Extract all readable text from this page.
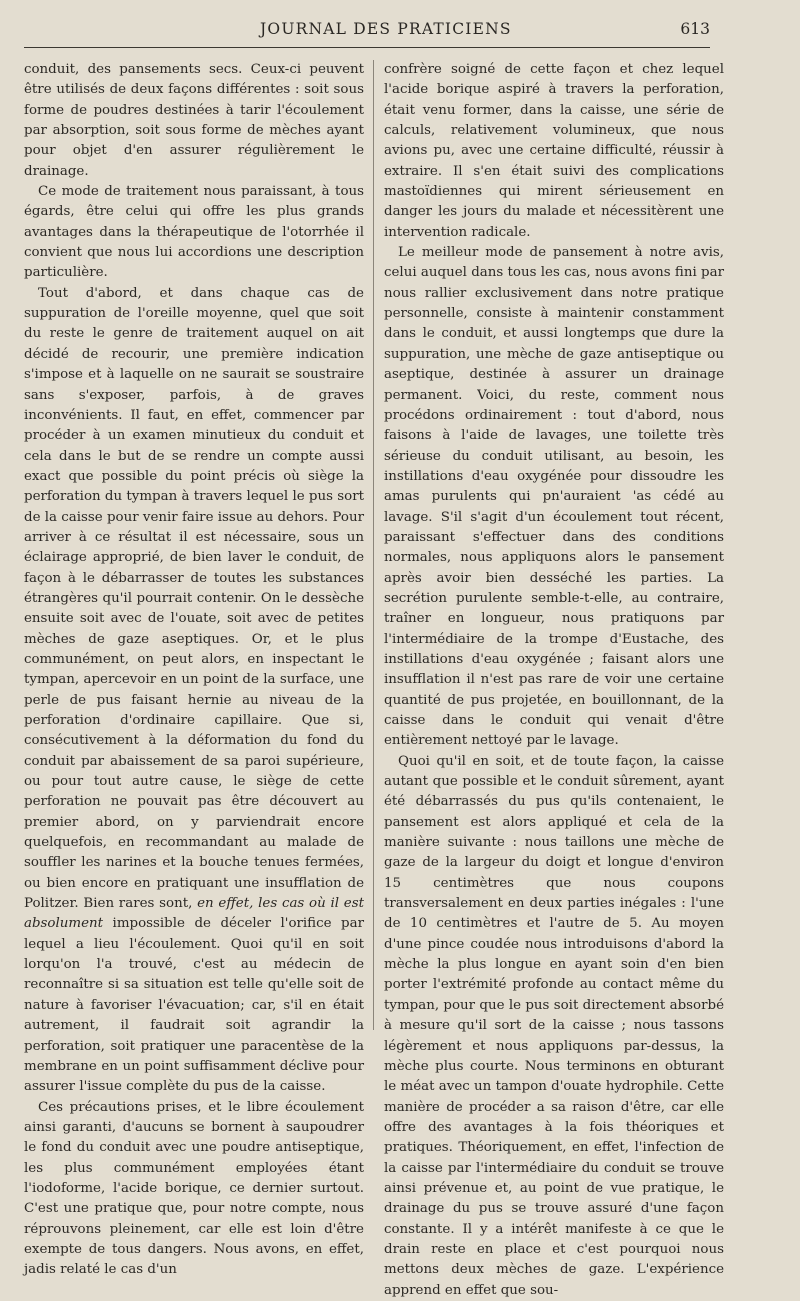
JOURNAL DES PRATICIENS	613

conduit, des pansements secs. Ceux-ci peuvent être utilisés de deux façons différentes : soit sous forme de poudres destinées à tarir l'écoulement par absorption, soit sous forme de mèches ayant pour objet d'en assurer régulièrement le drainage.

Ce mode de traitement nous paraissant, à tous égards, être celui qui offre les plus grands avantages dans la thérapeutique de l'otorrhée il convient que nous lui accordions une description particulière.

Tout d'abord, et dans chaque cas de suppuration de l'oreille moyenne, quel que soit du reste le genre de traitement auquel on ait décidé de recourir, une première indication s'impose et à laquelle on ne saurait se soustraire sans s'exposer, parfois, à de graves inconvénients. Il faut, en effet, commencer par procéder à un examen minutieux du conduit et cela dans le but de se rendre un compte aussi exact que possible du point précis où siège la perforation du tympan à travers lequel le pus sort de la caisse pour venir faire issue au dehors. Pour arriver à ce résultat il est nécessaire, sous un éclairage approprié, de bien laver le conduit, de façon à le débarrasser de toutes les substances étrangères qu'il pourrait contenir. On le dessèche ensuite soit avec de l'ouate, soit avec de petites mèches de gaze aseptiques. Or, et le plus communément, on peut alors, en inspectant le tympan, apercevoir en un point de la surface, une perle de pus faisant hernie au niveau de la perforation d'ordinaire capillaire. Que si, consécutivement à la déformation du fond du conduit par abaissement de sa paroi supérieure, ou pour tout autre cause, le siège de cette perforation ne pouvait pas être découvert au premier abord, on y parviendrait encore quelquefois, en recommandant au malade de souffler les narines et la bouche tenues fermées, ou bien encore en pratiquant une insufflation de Politzer. Bien rares sont, en effet, les cas où il est absolument impossible de déceler l'orifice par lequel a lieu l'écoulement. Quoi qu'il en soit lorqu'on l'a trouvé, c'est au médecin de reconnaître si sa situation est telle qu'elle soit de nature à favoriser l'évacuation; car, s'il en était autrement, il faudrait soit agrandir la perforation, soit pratiquer une paracentèse de la membrane en un point suffisamment déclive pour assurer l'issue complète du pus de la caisse.

Ces précautions prises, et le libre écoulement ainsi garanti, d'aucuns se bornent à saupoudrer le fond du conduit avec une poudre antiseptique, les plus communément employées étant l'iodoforme, l'acide borique, ce dernier surtout. C'est une pratique que, pour notre compte, nous réprouvons pleinement, car elle est loin d'être exempte de tous dangers. Nous avons, en effet, jadis relaté le cas d'un

confrère soigné de cette façon et chez lequel l'acide borique aspiré à travers la perforation, était venu former, dans la caisse, une série de calculs, relativement volumineux, que nous avions pu, avec une certaine difficulté, réussir à extraire. Il s'en était suivi des complications mastoïdiennes qui mirent sérieusement en danger les jours du malade et nécessitèrent une intervention radicale.

Le meilleur mode de pansement à notre avis, celui auquel dans tous les cas, nous avons fini par nous rallier exclusivement dans notre pratique personnelle, consiste à maintenir constamment dans le conduit, et aussi longtemps que dure la suppuration, une mèche de gaze antiseptique ou aseptique, destinée à assurer un drainage permanent. Voici, du reste, comment nous procédons ordinairement : tout d'abord, nous faisons à l'aide de lavages, une toilette très sérieuse du conduit utilisant, au besoin, les instillations d'eau oxygénée pour dissoudre les amas purulents qui pn'auraient 'as cédé au lavage. S'il s'agit d'un écoulement tout récent, paraissant s'effectuer dans des conditions normales, nous appliquons alors le pansement après avoir bien desséché les parties. La secrétion purulente semble-t-elle, au contraire, traîner en longueur, nous pratiquons par l'intermédiaire de la trompe d'Eustache, des instillations d'eau oxygénée ; faisant alors une insufflation il n'est pas rare de voir une certaine quantité de pus projetée, en bouillonnant, de la caisse dans le conduit qui venait d'être entièrement nettoyé par le lavage.

Quoi qu'il en soit, et de toute façon, la caisse autant que possible et le conduit sûrement, ayant été débarrassés du pus qu'ils contenaient, le pansement est alors appliqué et cela de la manière suivante : nous taillons une mèche de gaze de la largeur du doigt et longue d'environ 15 centimètres que nous coupons transversalement en deux parties inégales : l'une de 10 centimètres et l'autre de 5. Au moyen d'une pince coudée nous introduisons d'abord la mèche la plus longue en ayant soin d'en bien porter l'extrémité profonde au contact même du tympan, pour que le pus soit directement absorbé à mesure qu'il sort de la caisse ; nous tassons légèrement et nous appliquons par-dessus, la mèche plus courte. Nous terminons en obturant le méat avec un tampon d'ouate hydrophile. Cette manière de procéder a sa raison d'être, car elle offre des avantages à la fois théoriques et pratiques. Théoriquement, en effet, l'infection de la caisse par l'intermédiaire du conduit se trouve ainsi prévenue et, au point de vue pratique, le drainage du pus se trouve assuré d'une façon constante. Il y a intérêt manifeste à ce que le drain reste en place et c'est pourquoi nous mettons deux mèches de gaze. L'expérience apprend en effet que sou-
